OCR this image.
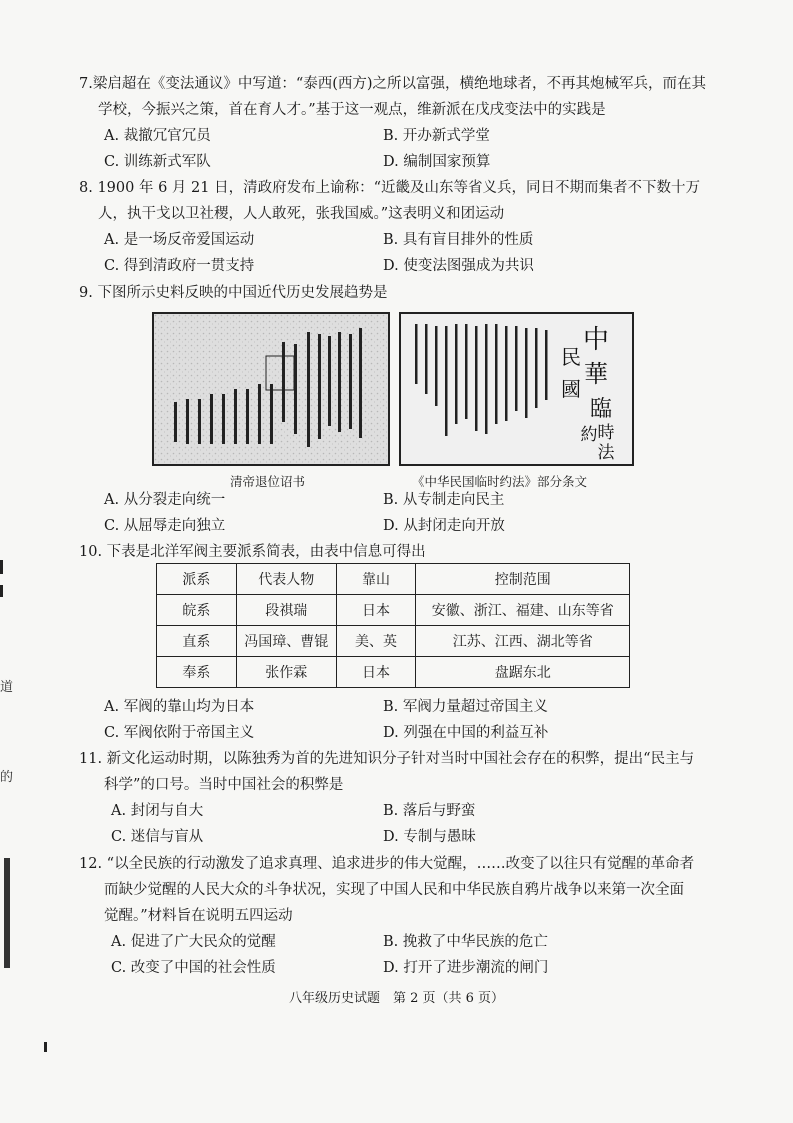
7.梁启超在《变法通议》中写道：“泰西(西方)之所以富强，横绝地球者，不再其炮械军兵，而在其
学校，今振兴之策，首在育人才。”基于这一观点，维新派在戊戌变法中的实践是
A. 裁撤冗官冗员	B. 开办新式学堂
C. 训练新式军队	D. 编制国家预算
8. 1900 年 6 月 21 日，清政府发布上谕称：“近畿及山东等省义兵，同日不期而集者不下数十万
人，执干戈以卫社稷，人人敢死，张我国威。”这表明义和团运动
A. 是一场反帝爱国运动	B. 具有盲目排外的性质
C. 得到清政府一贯支持	D. 使变法图强成为共识
9. 下图所示史料反映的中国近代历史发展趋势是
中
民
華
國
臨
時
約
法
清帝退位诏书	《中华民国临时约法》部分条文
A. 从分裂走向统一	B. 从专制走向民主
C. 从屈辱走向独立	D. 从封闭走向开放
10. 下表是北洋军阀主要派系简表，由表中信息可得出
派系	代表人物	靠山	控制范围
皖系	段祺瑞	日本	安徽、浙江、福建、山东等省
直系	冯国璋、曹锟	美、英	江苏、江西、湖北等省
奉系	张作霖	日本	盘踞东北
A. 军阀的靠山均为日本	B. 军阀力量超过帝国主义
C. 军阀依附于帝国主义	D. 列强在中国的利益互补
11. 新文化运动时期，以陈独秀为首的先进知识分子针对当时中国社会存在的积弊，提出“民主与
科学”的口号。当时中国社会的积弊是
A. 封闭与自大	B. 落后与野蛮
C. 迷信与盲从	D. 专制与愚昧
12. “以全民族的行动激发了追求真理、追求进步的伟大觉醒，……改变了以往只有觉醒的革命者
而缺少觉醒的人民大众的斗争状况，实现了中国人民和中华民族自鸦片战争以来第一次全面
觉醒。”材料旨在说明五四运动
A. 促进了广大民众的觉醒	B. 挽救了中华民族的危亡
C. 改变了中国的社会性质	D. 打开了进步潮流的闸门
八年级历史试题　第 2 页（共 6 页）
道
的
